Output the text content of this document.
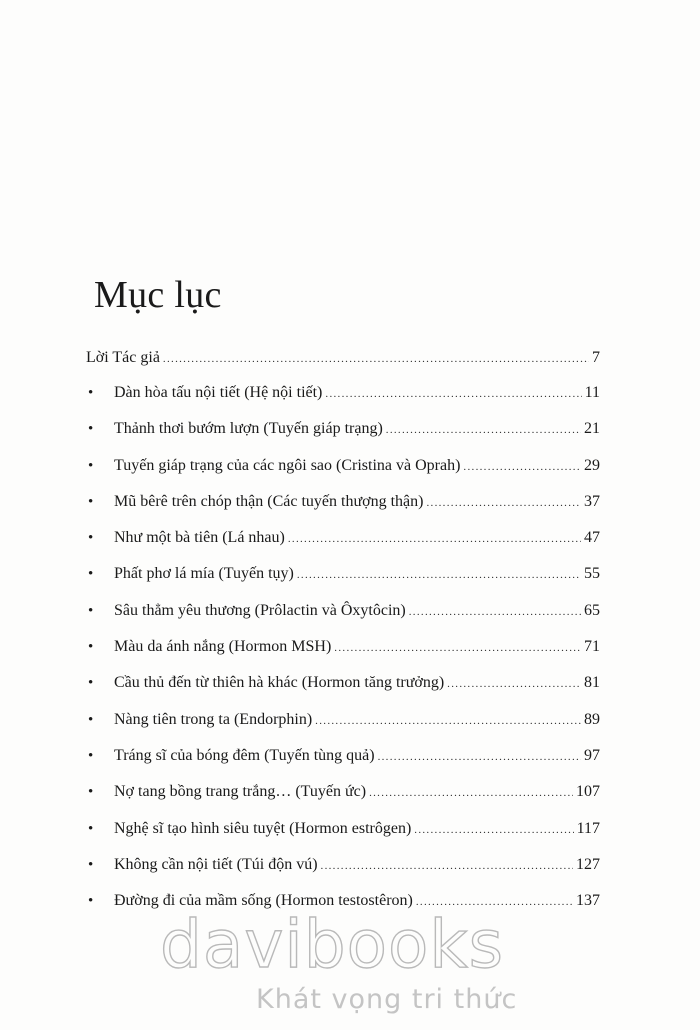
Mục lục
Lời Tác giả .....	7
•	Dàn hòa tấu nội tiết (Hệ nội tiết) .....	11
•	Thảnh thơi bướm lượn (Tuyến giáp trạng) .....	21
•	Tuyến giáp trạng của các ngôi sao (Cristina và Oprah) .....	29
•	Mũ bêrê trên chóp thận (Các tuyến thượng thận) .....	37
•	Như một bà tiên (Lá nhau) .....	47
•	Phất phơ lá mía (Tuyến tụy) .....	55
•	Sâu thẳm yêu thương (Prôlactin và Ôxytôcin) .....	65
•	Màu da ánh nắng (Hormon MSH) .....	71
•	Cầu thủ đến từ thiên hà khác (Hormon tăng trưởng) .....	81
•	Nàng tiên trong ta (Endorphin) .....	89
•	Tráng sĩ của bóng đêm (Tuyến tùng quả) .....	97
•	Nợ tang bồng trang trắng… (Tuyến ức) .....	107
•	Nghệ sĩ tạo hình siêu tuyệt (Hormon estrôgen) .....	117
•	Không cần nội tiết (Túi độn vú) .....	127
•	Đường đi của mầm sống (Hormon testostêron) .....	137
davibooks
Khát vọng tri thức
